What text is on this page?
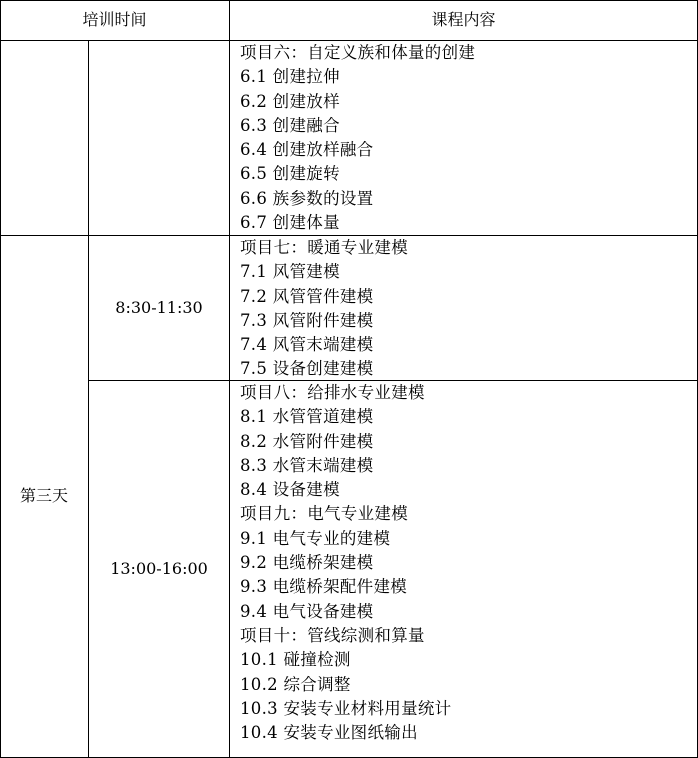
培训时间	课程内容
第三天
8:30-11:30
13:00-16:00
项目六：自定义族和体量的创建
6.1 创建拉伸
6.2 创建放样
6.3 创建融合
6.4 创建放样融合
6.5 创建旋转
6.6 族参数的设置
6.7 创建体量
项目七：暖通专业建模
7.1 风管建模
7.2 风管管件建模
7.3 风管附件建模
7.4 风管末端建模
7.5 设备创建建模
项目八：给排水专业建模
8.1 水管管道建模
8.2 水管附件建模
8.3 水管末端建模
8.4 设备建模
项目九：电气专业建模
9.1 电气专业的建模
9.2 电缆桥架建模
9.3 电缆桥架配件建模
9.4 电气设备建模
项目十：管线综测和算量
10.1 碰撞检测
10.2 综合调整
10.3 安装专业材料用量统计
10.4 安装专业图纸输出
